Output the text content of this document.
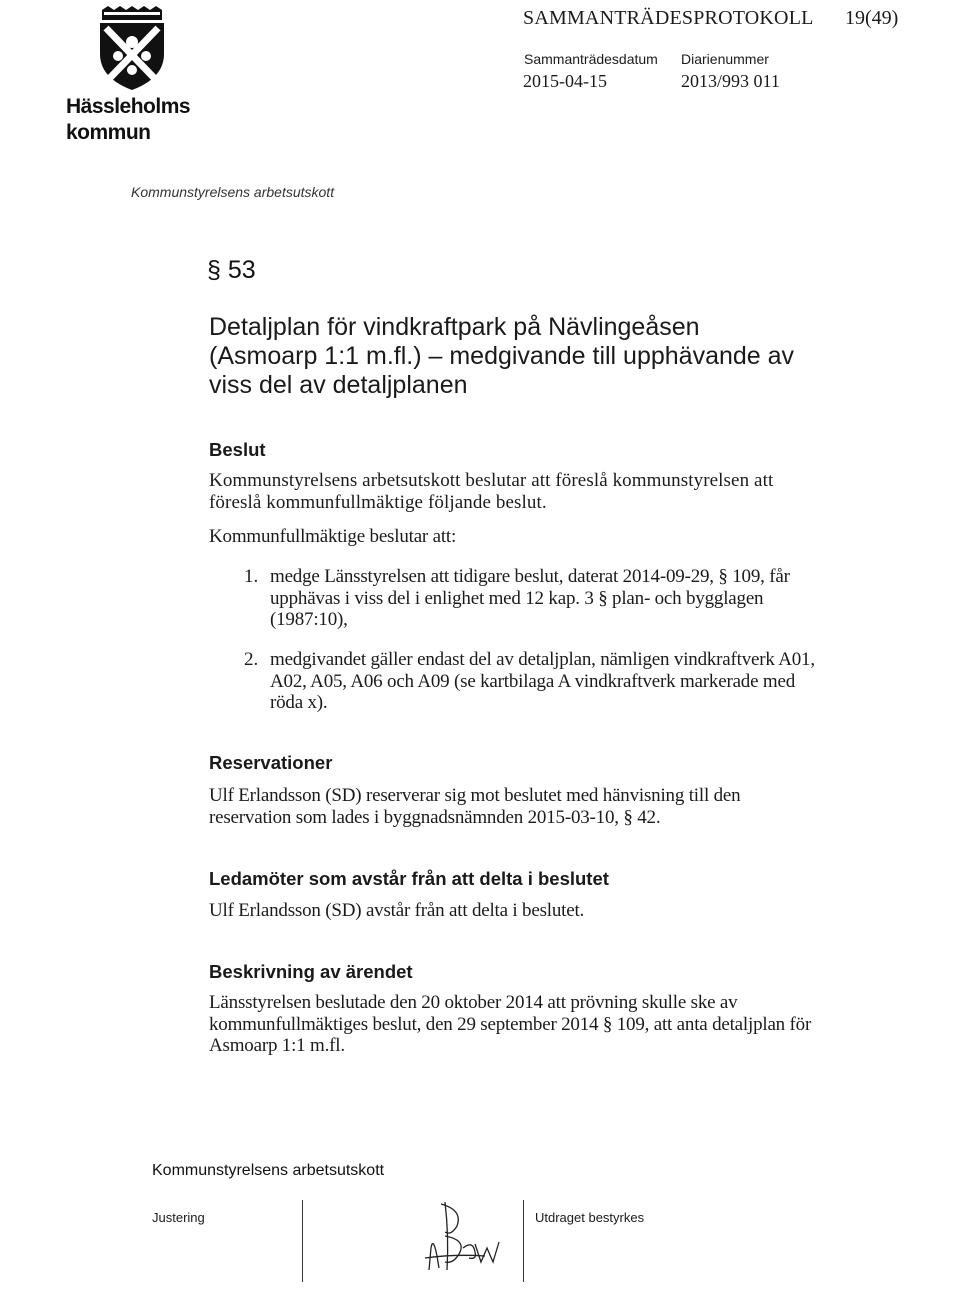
Hässleholms
kommun
SAMMANTRÄDESPROTOKOLL 19(49)
Sammanträdesdatum Diarienummer
2015-04-15	2013/993 011
Kommunstyrelsens arbetsutskott
§ 53
Detaljplan för vindkraftpark på Nävlingeåsen
(Asmoarp 1:1 m.fl.) – medgivande till upphävande av
viss del av detaljplanen
Beslut
Kommunstyrelsens arbetsutskott beslutar att föreslå kommunstyrelsen att föreslå kommunfullmäktige följande beslut.
Kommunfullmäktige beslutar att:
1. medge Länsstyrelsen att tidigare beslut, daterat 2014-09-29, § 109, får upphävas i viss del i enlighet med 12 kap. 3 § plan- och bygglagen (1987:10),
2. medgivandet gäller endast del av detaljplan, nämligen vindkraftverk A01, A02, A05, A06 och A09 (se kartbilaga A vindkraftverk markerade med röda x).
Reservationer
Ulf Erlandsson (SD) reserverar sig mot beslutet med hänvisning till den reservation som lades i byggnadsnämnden 2015-03-10, § 42.
Ledamöter som avstår från att delta i beslutet
Ulf Erlandsson (SD) avstår från att delta i beslutet.
Beskrivning av ärendet
Länsstyrelsen beslutade den 20 oktober 2014 att prövning skulle ske av kommunfullmäktiges beslut, den 29 september 2014 § 109, att anta detaljplan för Asmoarp 1:1 m.fl.
Kommunstyrelsens arbetsutskott
Justering	Utdraget bestyrkes
